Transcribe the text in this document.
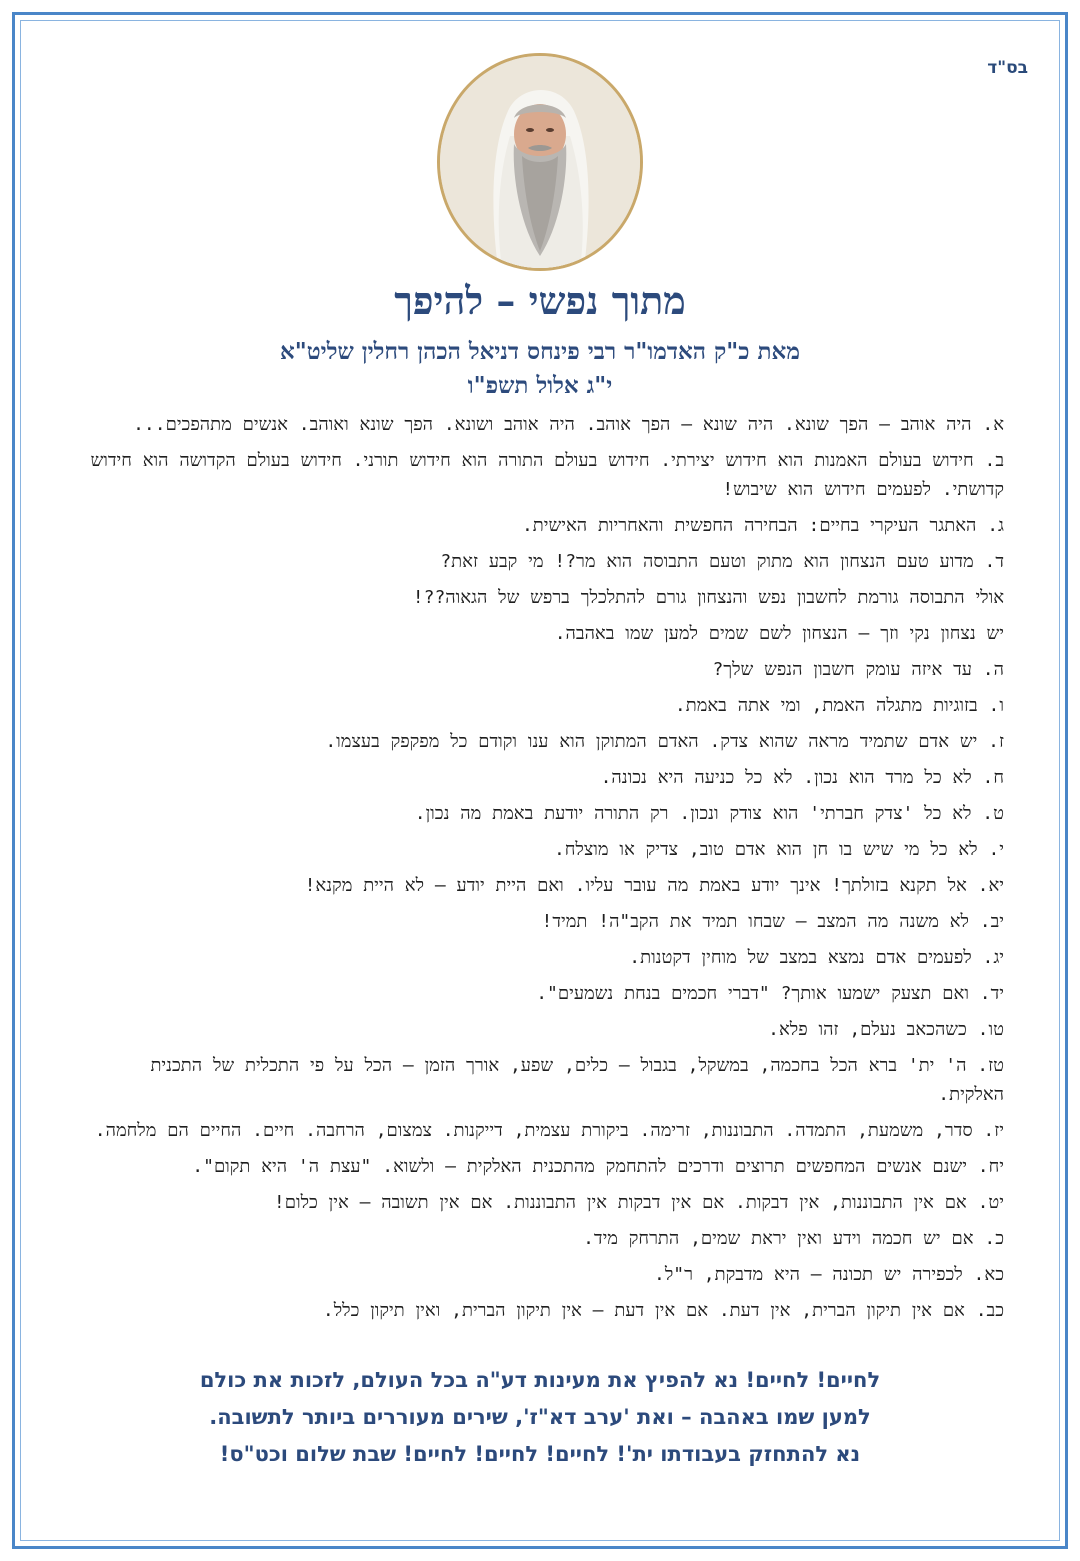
בס"ד
מתוך נפשי – להיפך
מאת כ"ק האדמו"ר רבי פינחס דניאל הכהן רחלין שליט"א
י"ג אלול תשפ"ו
א. היה אוהב – הפך שונא. היה שונא – הפך אוהב. היה אוהב ושונא. הפך שונא ואוהב. אנשים מתהפכים...
ב. חידוש בעולם האמנות הוא חידוש יצירתי. חידוש בעולם התורה הוא חידוש תורני. חידוש בעולם הקדושה הוא חידוש קדושתי. לפעמים חידוש הוא שיבוש!
ג. האתגר העיקרי בחיים: הבחירה החפשית והאחריות האישית.
ד. מדוע טעם הנצחון הוא מתוק וטעם התבוסה הוא מר?! מי קבע זאת?
אולי התבוסה גורמת לחשבון נפש והנצחון גורם להתלכלך ברפש של הגאוה??!
יש נצחון נקי וזך – הנצחון לשם שמים למען שמו באהבה.
ה. עד איזה עומק חשבון הנפש שלך?
ו. בזוגיות מתגלה האמת, ומי אתה באמת.
ז. יש אדם שתמיד מראה שהוא צדק. האדם המתוקן הוא ענו וקודם כל מפקפק בעצמו.
ח. לא כל מרד הוא נכון. לא כל כניעה היא נכונה.
ט. לא כל 'צדק חברתי' הוא צודק ונכון. רק התורה יודעת באמת מה נכון.
י. לא כל מי שיש בו חן הוא אדם טוב, צדיק או מוצלח.
יא. אל תקנא בזולתך! אינך יודע באמת מה עובר עליו. ואם היית יודע – לא היית מקנא!
יב. לא משנה מה המצב – שבחו תמיד את הקב"ה! תמיד!
יג. לפעמים אדם נמצא במצב של מוחין דקטנות.
יד. ואם תצעק ישמעו אותך? "דברי חכמים בנחת נשמעים".
טו. כשהכאב נעלם, זהו פלא.
טז. ה' ית' ברא הכל בחכמה, במשקל, בגבול – כלים, שפע, אורך הזמן – הכל על פי התכלית של התכנית האלקית.
יז. סדר, משמעת, התמדה. התבוננות, זרימה. ביקורת עצמית, דייקנות. צמצום, הרחבה. חיים. החיים הם מלחמה.
יח. ישנם אנשים המחפשים תרוצים ודרכים להתחמק מהתכנית האלקית – ולשוא. "עצת ה' היא תקום".
יט. אם אין התבוננות, אין דבקות. אם אין דבקות אין התבוננות. אם אין תשובה – אין כלום!
כ. אם יש חכמה וידע ואין יראת שמים, התרחק מיד.
כא. לכפירה יש תכונה – היא מדבקת, ר"ל.
כב. אם אין תיקון הברית, אין דעת. אם אין דעת – אין תיקון הברית, ואין תיקון כלל.
לחיים! לחיים! נא להפיץ את מעינות דע"ה בכל העולם, לזכות את כולם
למען שמו באהבה – ואת 'ערב דא"ז', שירים מעוררים ביותר לתשובה.
נא להתחזק בעבודתו ית'! לחיים! לחיים! לחיים! שבת שלום וכט"ס!
